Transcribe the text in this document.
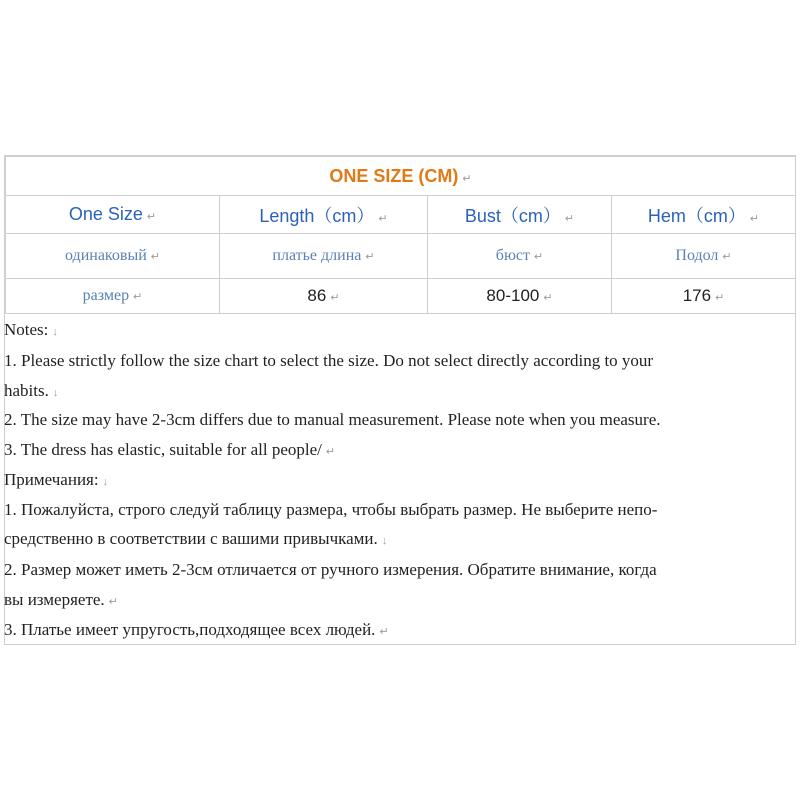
ONE SIZE (CM) ↵			
One Size ↵	Length（cm） ↵	Bust（cm） ↵	Hem（cm） ↵
одинаковый ↵	платье длина ↵	бюст ↵	Подол ↵
размер ↵	86 ↵	80-100 ↵	176 ↵
Notes: ↓
1. Please strictly follow the size chart to select the size. Do not select directly according to your
habits. ↓
2. The size may have 2-3cm differs due to manual measurement. Please note when you measure.
3. The dress has elastic, suitable for all people/ ↵
Примечания: ↓
1. Пожалуйста, строго следуй таблицу размера, чтобы выбрать размер. Не выберите непо-
средственно в соответствии с вашими привычками. ↓
2. Размер может иметь 2-3см отличается от ручного измерения. Обратите внимание, когда
вы измеряете. ↵
3. Платье имеет упругость,подходящее всех людей. ↵
